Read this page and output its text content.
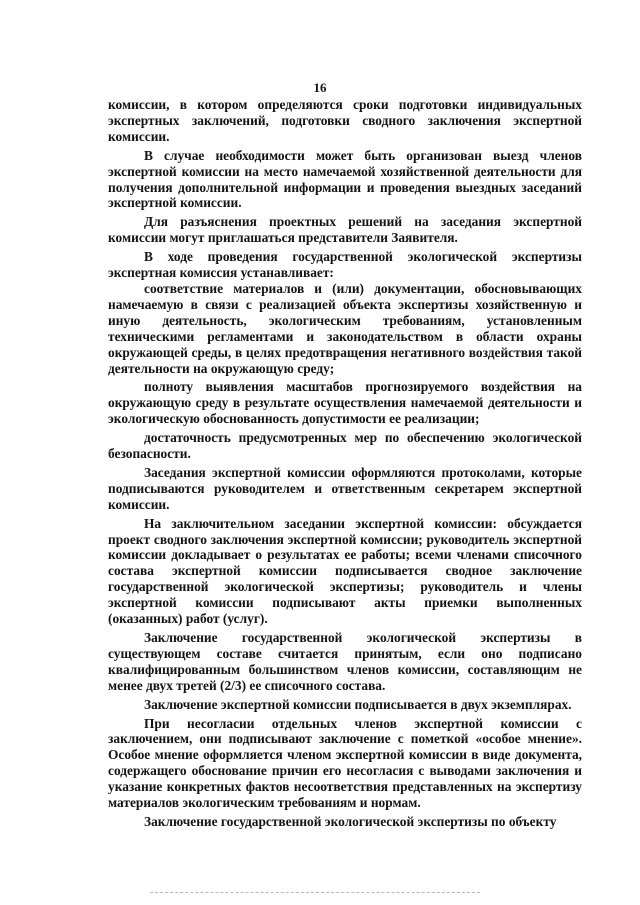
16

комиссии, в котором определяются сроки подготовки индивидуальных экспертных заключений, подготовки сводного заключения экспертной комиссии.

В случае необходимости может быть организован выезд членов экспертной комиссии на место намечаемой хозяйственной деятельности для получения дополнительной информации и проведения выездных заседаний экспертной комиссии.

Для разъяснения проектных решений на заседания экспертной комиссии могут приглашаться представители Заявителя.

В ходе проведения государственной экологической экспертизы экспертная комиссия устанавливает:

соответствие материалов и (или) документации, обосновывающих намечаемую в связи с реализацией объекта экспертизы хозяйственную и иную деятельность, экологическим требованиям, установленным техническими регламентами и законодательством в области охраны окружающей среды, в целях предотвращения негативного воздействия такой деятельности на окружающую среду;

полноту выявления масштабов прогнозируемого воздействия на окружающую среду в результате осуществления намечаемой деятельности и экологическую обоснованность допустимости ее реализации;

достаточность предусмотренных мер по обеспечению экологической безопасности.

Заседания экспертной комиссии оформляются протоколами, которые подписываются руководителем и ответственным секретарем экспертной комиссии.

На заключительном заседании экспертной комиссии: обсуждается проект сводного заключения экспертной комиссии; руководитель экспертной комиссии докладывает о результатах ее работы; всеми членами списочного состава экспертной комиссии подписывается сводное заключение государственной экологической экспертизы; руководитель и члены экспертной комиссии подписывают акты приемки выполненных (оказанных) работ (услуг).

Заключение государственной экологической экспертизы в существующем составе считается принятым, если оно подписано квалифицированным большинством членов комиссии, составляющим не менее двух третей (2/3) ее списочного состава.

Заключение экспертной комиссии подписывается в двух экземплярах.

При несогласии отдельных членов экспертной комиссии с заключением, они подписывают заключение с пометкой «особое мнение». Особое мнение оформляется членом экспертной комиссии в виде документа, содержащего обоснование причин его несогласия с выводами заключения и указание конкретных фактов несоответствия представленных на экспертизу материалов экологическим требованиям и нормам.

Заключение государственной экологической экспертизы по объекту
